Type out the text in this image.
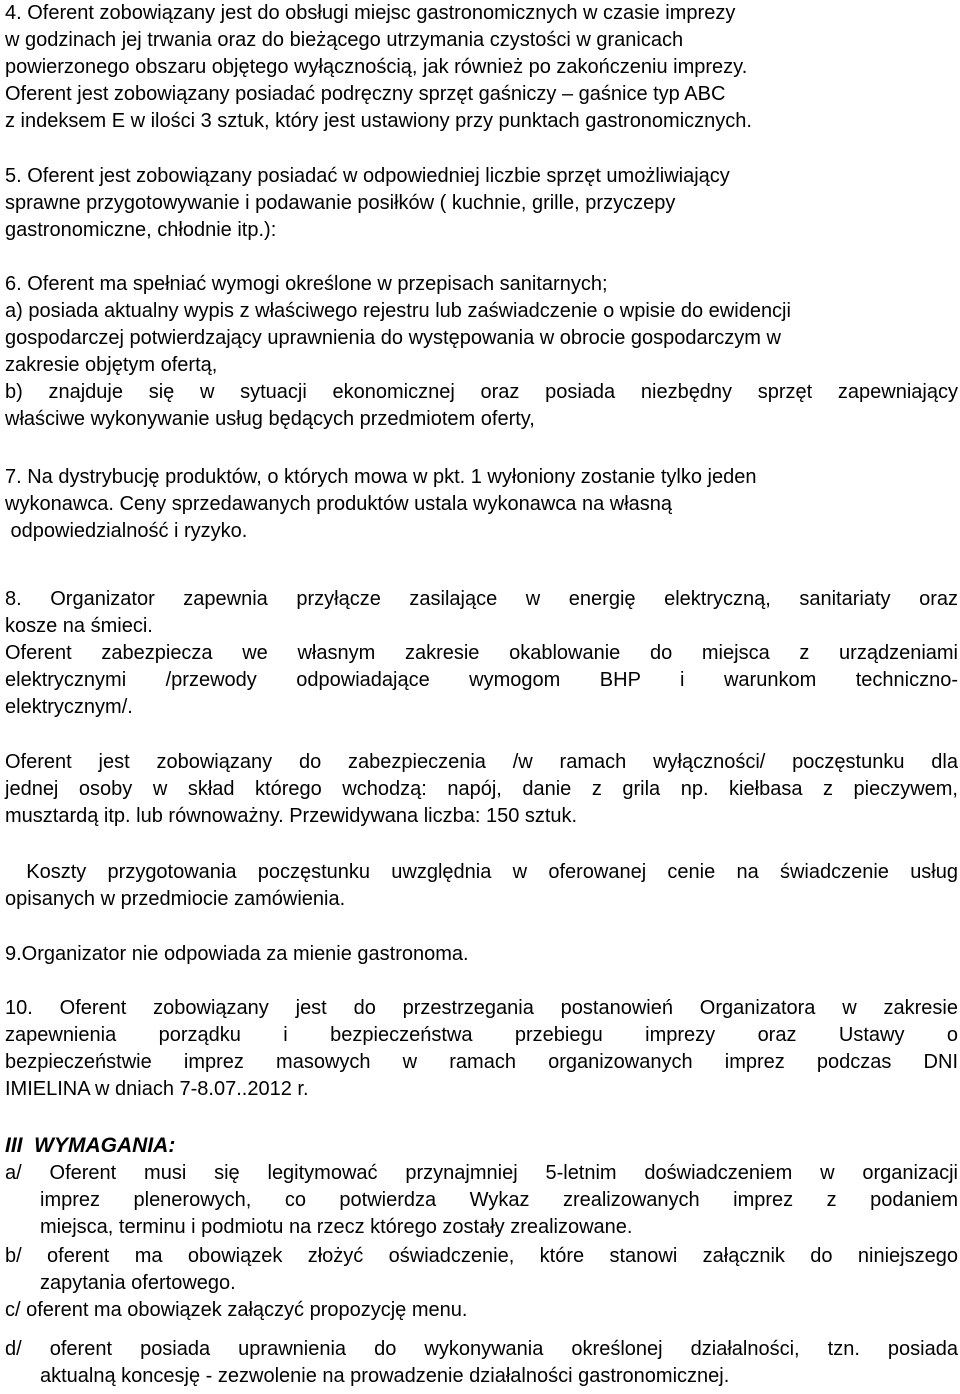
4. Oferent zobowiązany jest do obsługi miejsc gastronomicznych w czasie imprezy
w godzinach jej trwania oraz do bieżącego utrzymania czystości w granicach
powierzonego obszaru objętego wyłącznością, jak również po zakończeniu imprezy.
Oferent jest zobowiązany posiadać podręczny sprzęt gaśniczy – gaśnice typ ABC
z indeksem E w ilości 3 sztuk, który jest ustawiony przy punktach gastronomicznych.
5. Oferent jest zobowiązany posiadać w odpowiedniej liczbie sprzęt umożliwiający
sprawne przygotowywanie i podawanie posiłków ( kuchnie, grille, przyczepy
gastronomiczne, chłodnie itp.):
6. Oferent ma spełniać wymogi określone w przepisach sanitarnych;
a) posiada aktualny wypis z właściwego rejestru lub zaświadczenie o wpisie do ewidencji
gospodarczej potwierdzający uprawnienia do występowania w obrocie gospodarczym w
zakresie objętym ofertą,
b) znajduje się w sytuacji ekonomicznej oraz posiada niezbędny sprzęt zapewniający
właściwe wykonywanie usług będących przedmiotem oferty,
7. Na dystrybucję produktów, o których mowa w pkt. 1 wyłoniony zostanie tylko jeden
wykonawca. Ceny sprzedawanych produktów ustala wykonawca na własną
odpowiedzialność i ryzyko.
8. Organizator zapewnia przyłącze zasilające w energię elektryczną, sanitariaty oraz
kosze na śmieci.
Oferent zabezpiecza we własnym zakresie okablowanie do miejsca z urządzeniami
elektrycznymi /przewody odpowiadające wymogom BHP i warunkom techniczno-
elektrycznym/.
Oferent jest zobowiązany do zabezpieczenia /w ramach wyłączności/ poczęstunku dla
jednej osoby w skład którego wchodzą: napój, danie z grila np. kiełbasa z pieczywem,
musztardą itp. lub równoważny. Przewidywana liczba: 150 sztuk.
Koszty przygotowania poczęstunku uwzględnia w oferowanej cenie na świadczenie usług
opisanych w przedmiocie zamówienia.
9.Organizator nie odpowiada za mienie gastronoma.
10. Oferent zobowiązany jest do przestrzegania postanowień Organizatora w zakresie
zapewnienia porządku i bezpieczeństwa przebiegu imprezy oraz Ustawy o
bezpieczeństwie imprez masowych w ramach organizowanych imprez podczas DNI
IMIELINA w dniach 7-8.07..2012 r.
III  WYMAGANIA:
a/ Oferent musi się legitymować przynajmniej 5-letnim doświadczeniem w organizacji
imprez plenerowych, co potwierdza Wykaz zrealizowanych imprez z podaniem
miejsca, terminu i podmiotu na rzecz którego zostały zrealizowane.
b/ oferent ma obowiązek złożyć oświadczenie, które stanowi załącznik do niniejszego
zapytania ofertowego.
c/ oferent ma obowiązek załączyć propozycję menu.
d/ oferent posiada uprawnienia do wykonywania określonej działalności, tzn. posiada
aktualną koncesję - zezwolenie na prowadzenie działalności gastronomicznej.
